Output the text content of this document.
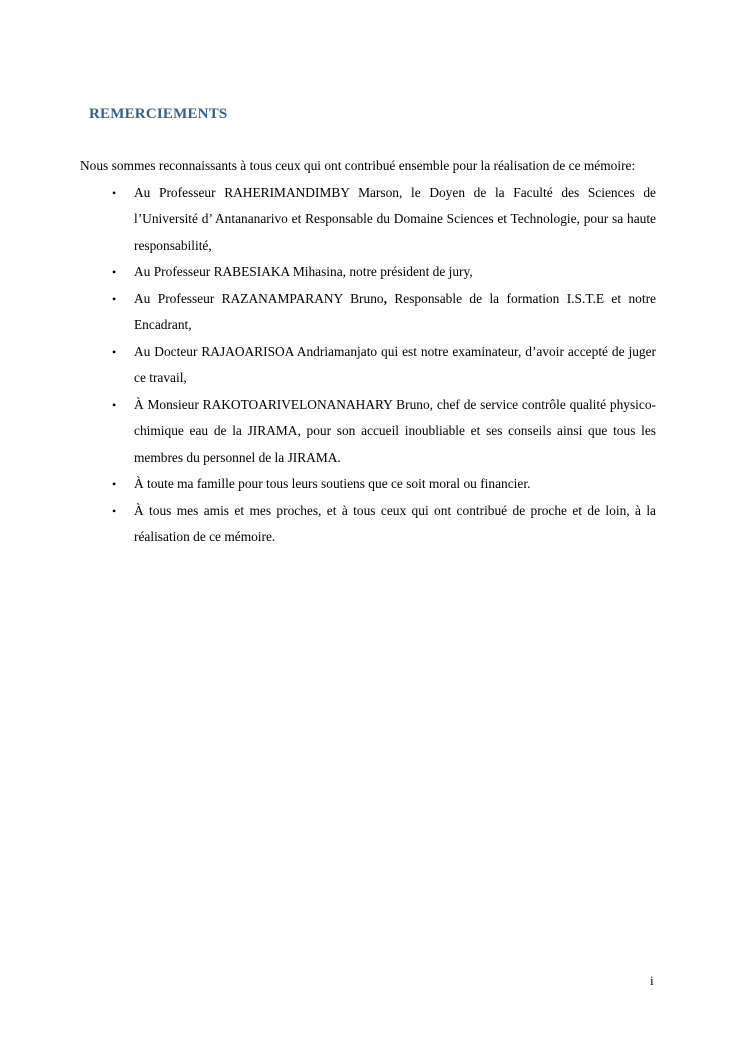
REMERCIEMENTS

Nous sommes reconnaissants à tous ceux qui ont contribué ensemble pour la réalisation de ce mémoire:

• Au Professeur RAHERIMANDIMBY Marson, le Doyen de la Faculté des Sciences de l’Université d’ Antananarivo et Responsable du Domaine Sciences et Technologie, pour sa haute responsabilité,
• Au Professeur RABESIAKA Mihasina, notre président de jury,
• Au Professeur RAZANAMPARANY Bruno, Responsable de la formation I.S.T.E et notre Encadrant,
• Au Docteur RAJAOARISOA Andriamanjato qui est notre examinateur, d’avoir accepté de juger ce travail,
• À Monsieur RAKOTOARIVELONANAHARY Bruno, chef de service contrôle qualité physico-chimique eau de la JIRAMA, pour son accueil inoubliable et ses conseils ainsi que tous les membres du personnel de la JIRAMA.
• À toute ma famille pour tous leurs soutiens que ce soit moral ou financier.
• À tous mes amis et mes proches, et à tous ceux qui ont contribué de proche et de loin, à la réalisation de ce mémoire.
i
